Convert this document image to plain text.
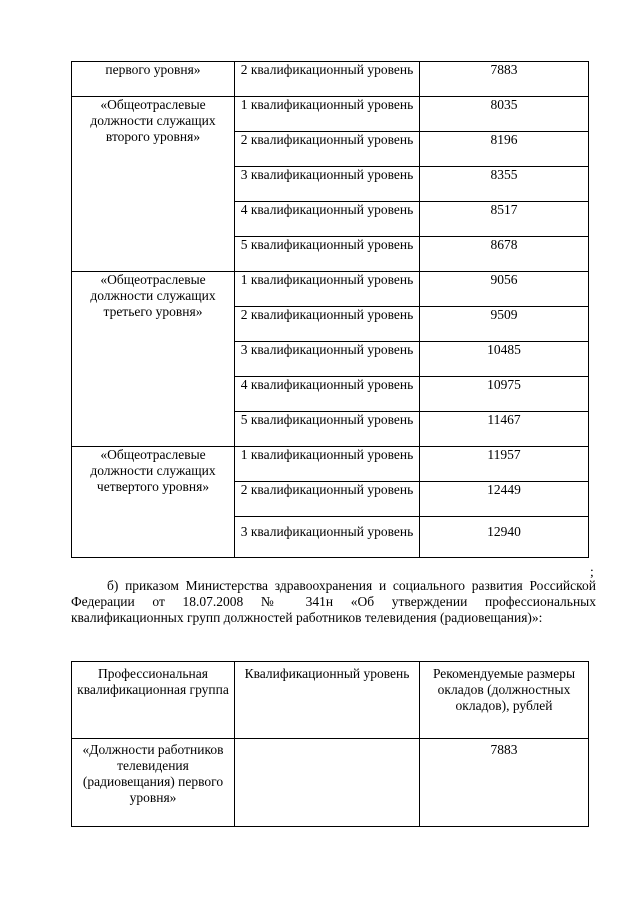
первого уровня»	2 квалификационный уровень	7883

«Общеотраслевые должности служащих второго уровня»	1 квалификационный уровень	8035

	2 квалификационный уровень	8196

	3 квалификационный уровень	8355

	4 квалификационный уровень	8517

	5 квалификационный уровень	8678

«Общеотраслевые должности служащих третьего уровня»	1 квалификационный уровень	9056

	2 квалификационный уровень	9509

	3 квалификационный уровень	10485

	4 квалификационный уровень	10975

	5 квалификационный уровень	11467

«Общеотраслевые должности служащих четвертого уровня»	1 квалификационный уровень	11957

	2 квалификационный уровень	12449

	3 квалификационный уровень	12940
;
б) приказом Министерства здравоохранения и социального развития Российской Федерации от 18.07.2008 № 341н «Об утверждении профессиональных квалификационных групп должностей работников телевидения (радиовещания)»:
Профессиональная квалификационная группа	Квалификационный уровень	Рекомендуемые размеры окладов (должностных окладов), рублей

«Должности работников телевидения (радиовещания) первого уровня»		7883
